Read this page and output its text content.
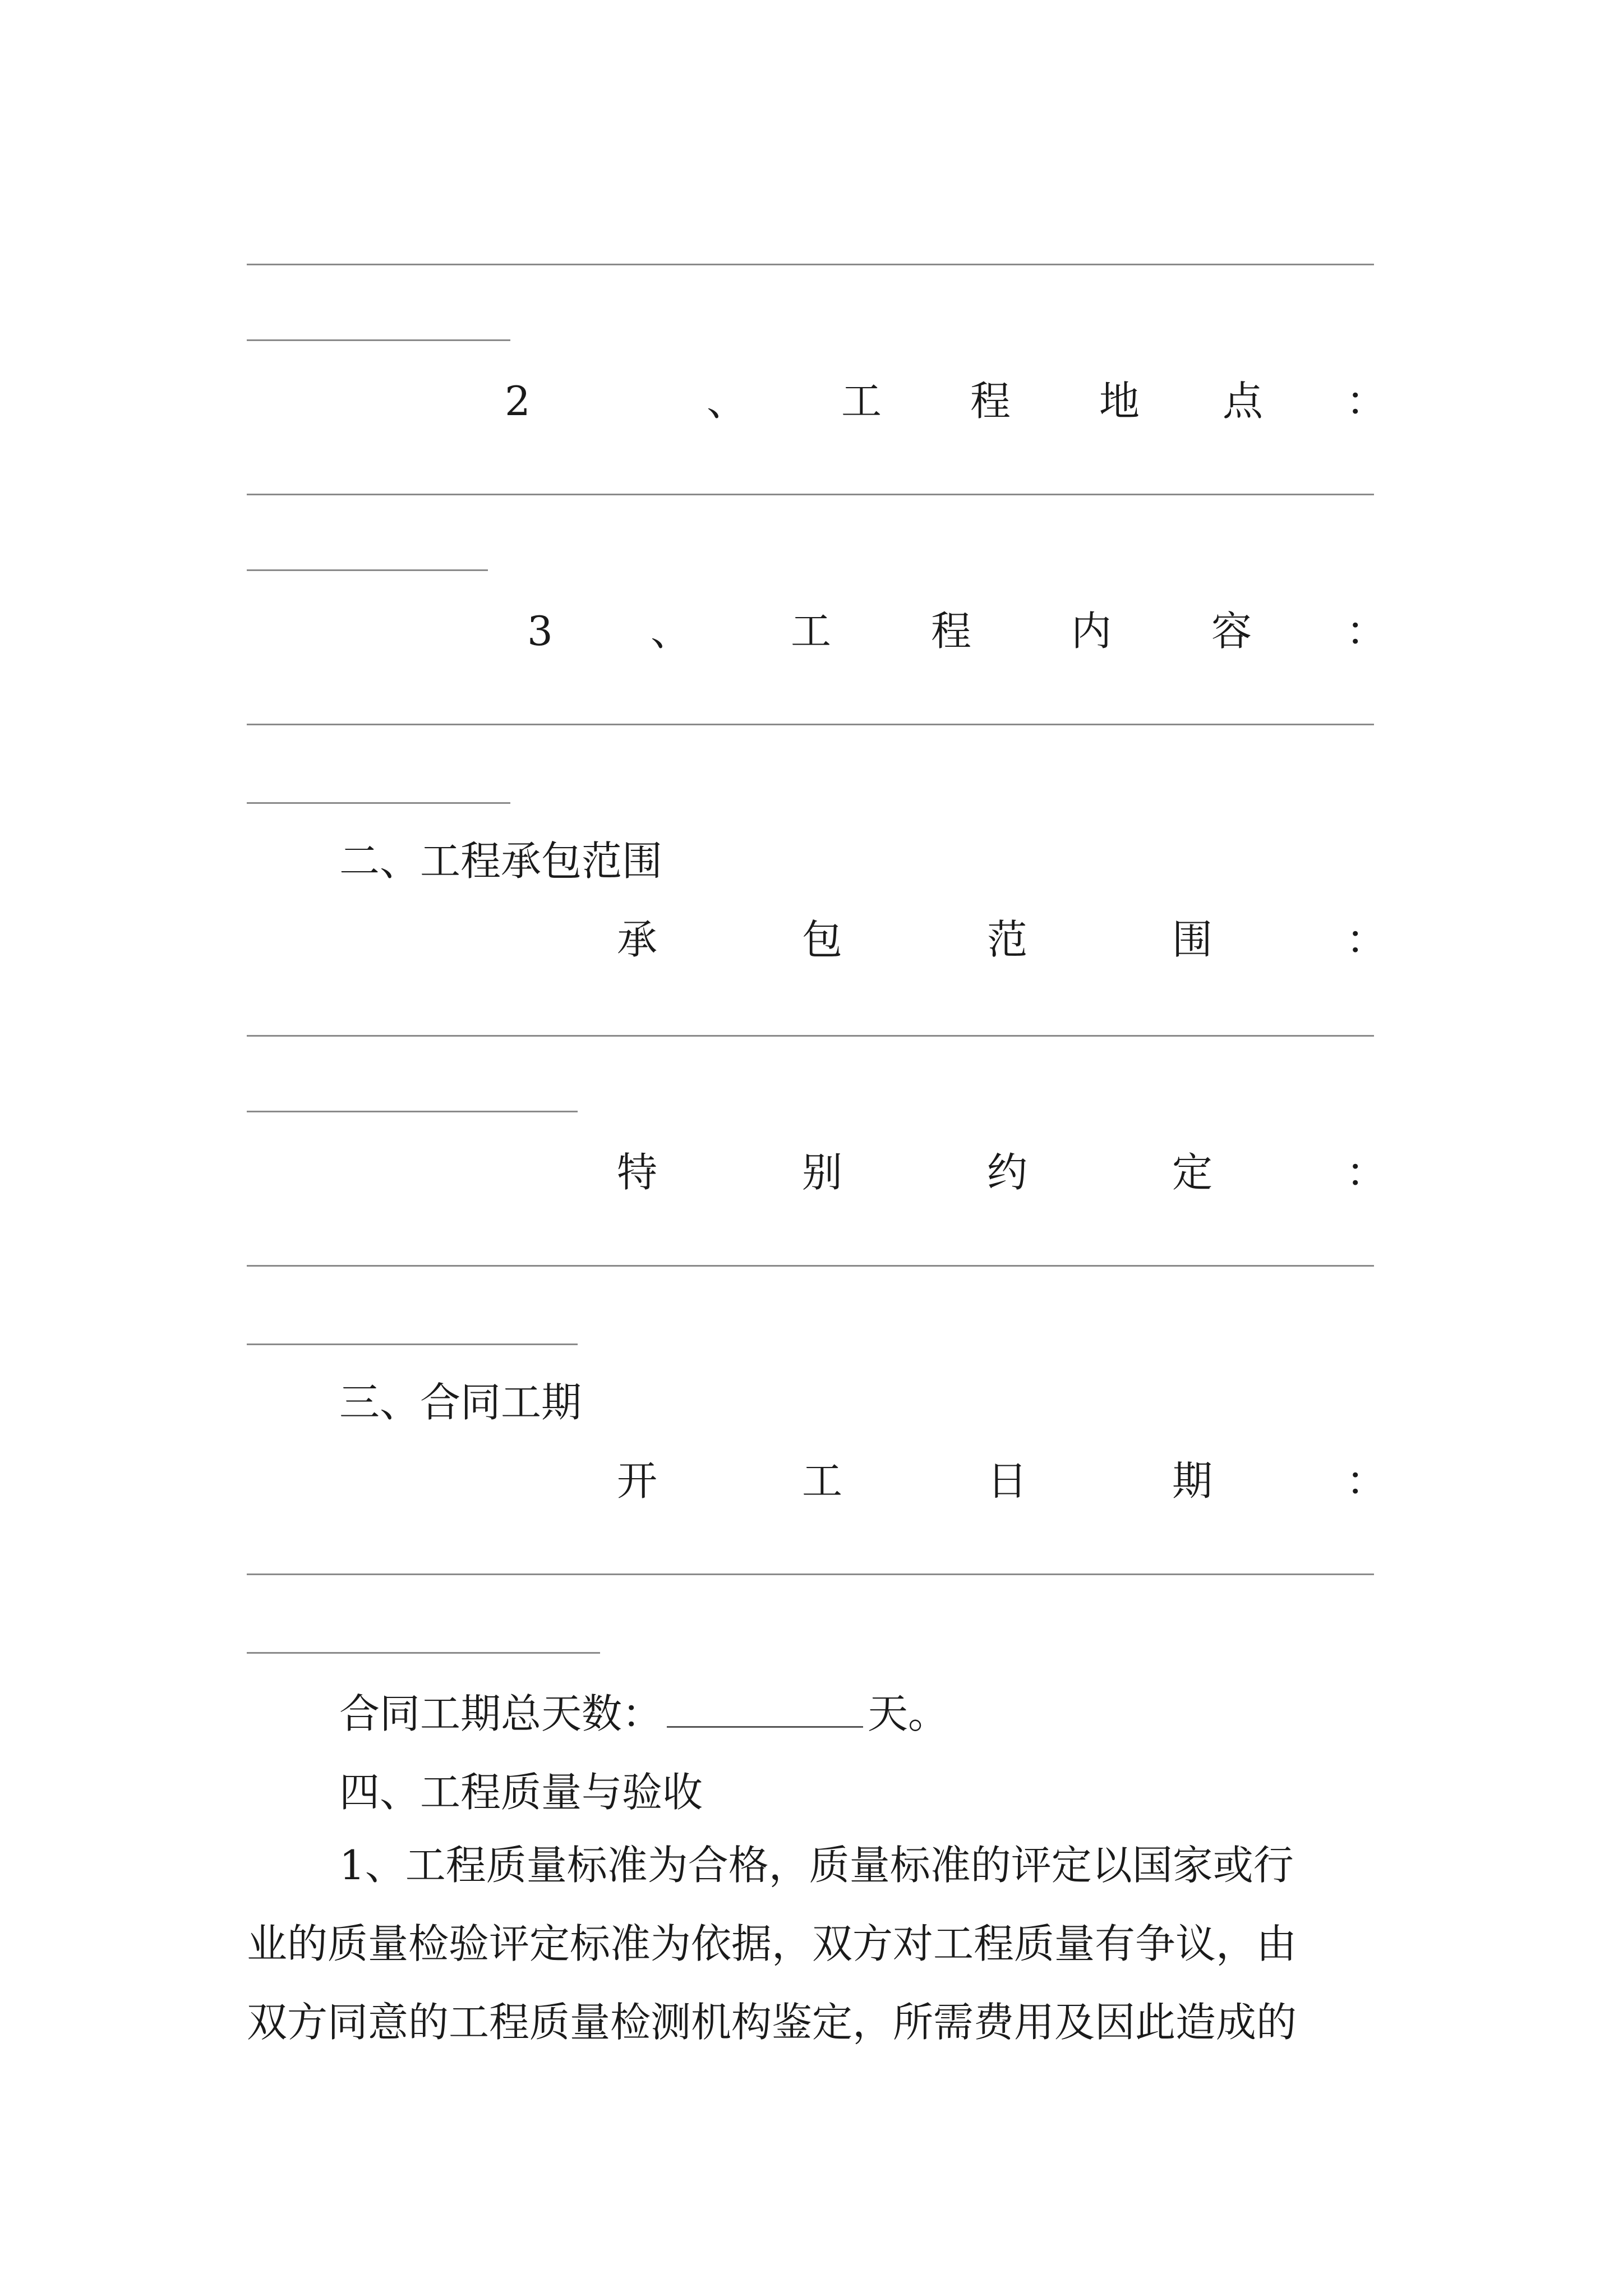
2	、 工 程 地 点 ：
3 、 工 程 内 容 ：
二、工程承包范围
承	包	范	围	：
特	别	约	定	：
三、合同工期
开	工	日	期	：
合同工期总天数：	天。
四、工程质量与验收
1、工程质量标准为合格，质量标准的评定以国家或行
业的质量检验评定标准为依据，双方对工程质量有争议，由
双方同意的工程质量检测机构鉴定，所需费用及因此造成的
